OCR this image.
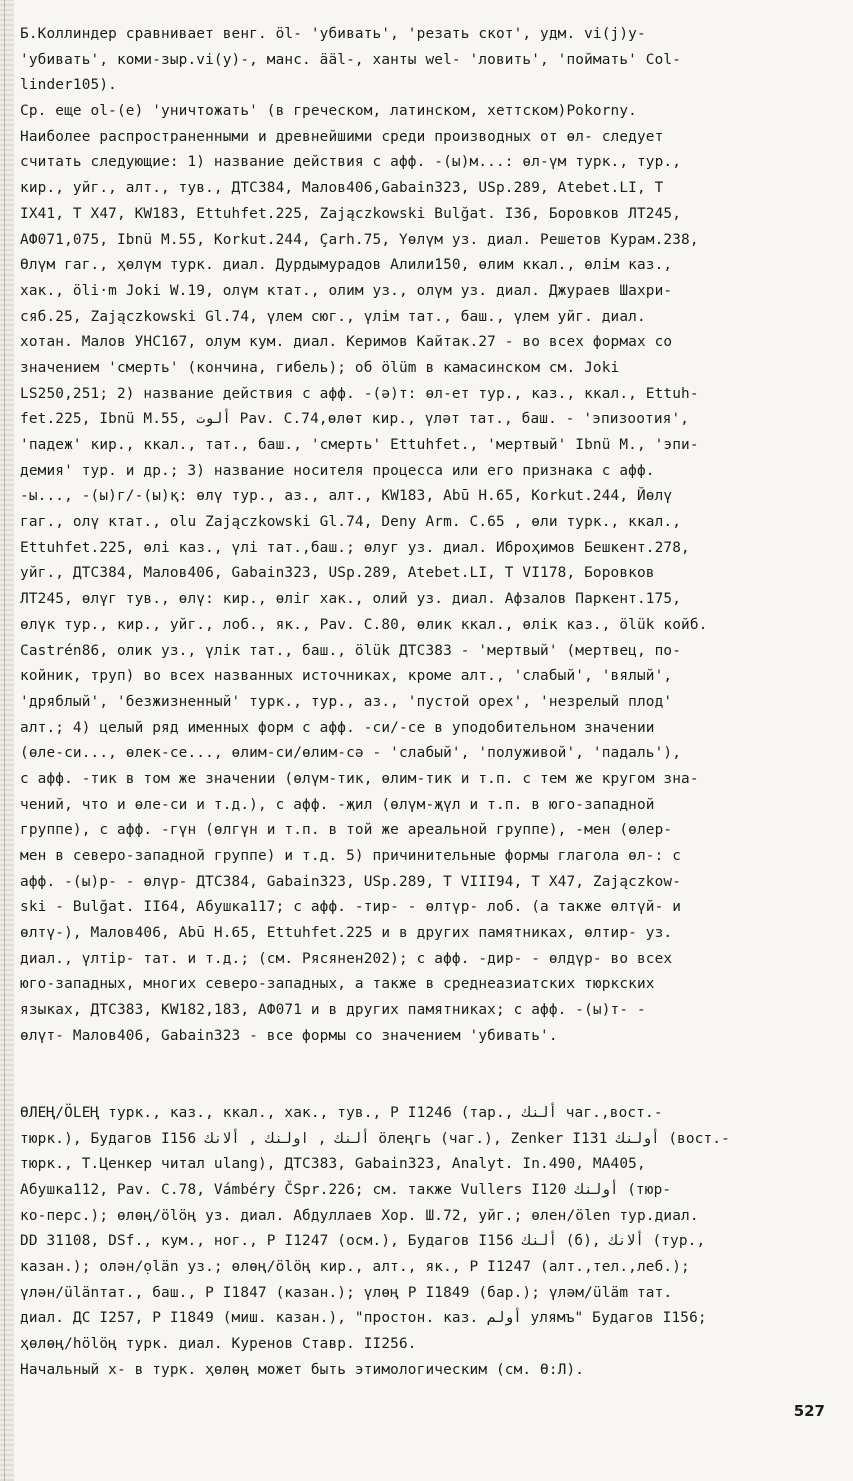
Б.Коллиндер сравнивает венг. öl- 'убивать', 'резать скот', удм. vi(j)y-
'убивать', коми-зыр.vi(y)-, манс. ääl-, ханты wel- 'ловить', 'поймать' Col-
linder105).
Ср. еще ol-(e) 'уничтожать' (в греческом, латинском, хеттском)Pokorny.
Наиболее распространенными и древнейшими среди производных от өл- следует
считать следующие: 1) название действия с афф. -(ы)м...: өл-үм турк., тур.,
кир., уйг., алт., тув., ДТС384, Малов406,Gabain323, USp.289, Atebet.LI, Т
IX41, Т X47, KW183, Ettuhfet.225, Zajączkowski Bulğat. I36, Боровков ЛТ245,
АФ071,075, Ibnü M.55, Korkut.244, Çarh.75, Yөлүм уз. диал. Решетов Курам.238,
Өлүм гаг., ҳөлүм турк. диал. Дурдымурадов Алили150, өлим ккал., өлім каз.,
хак., öli·m Joki W.19, олүм ктат., олим уз., олүм уз. диал. Джураев Шахри-
сяб.25, Zajączkowski Gl.74, үлем сюг., үлім тат., баш., үлем уйг. диал.
хотан. Малов УНС167, олум кум. диал. Керимов Кайтак.27 - во всех формах со
значением 'смерть' (кончина, гибель); об ölüm в камасинском см. Joki
LS250,251; 2) название действия с афф. -(ә)т: өл-ет тур., каз., ккал., Ettuh-
fet.225, Ibnü M.55, ألوت Pav. C.74,өлөт кир., үләт тат., баш. - 'эпизоотия',
'падеж' кир., ккал., тат., баш., 'смерть' Ettuhfet., 'мертвый' Ibnü M., 'эпи-
демия' тур. и др.; 3) название носителя процесса или его признака с афф.
-ы..., -(ы)г/-(ы)қ: өлү тур., аз., алт., KW183, Abū H.65, Korkut.244, Йөлү
гаг., олү ктат., olu Zajączkowski Gl.74, Deny Arm. C.65 , өли турк., ккал.,
Ettuhfet.225, өлі каз., үлі тат.,баш.; өлуг уз. диал. Иброҳимов Бешкент.278,
уйг., ДТС384, Малов406, Gabain323, USp.289, Atebet.LI, Т VI178, Боровков
ЛТ245, өлүг тув., өлү: кир., өліг хак., олий уз. диал. Афзалов Паркент.175,
өлүк тур., кир., уйг., лоб., як., Pav. C.80, өлик ккал., өлік каз., ölük койб.
Castrén86, олик уз., үлік тат., баш., ölük ДТС383 - 'мертвый' (мертвец, по-
койник, труп) во всех названных источниках, кроме алт., 'слабый', 'вялый',
'дряблый', 'безжизненный' турк., тур., аз., 'пустой орех', 'незрелый плод'
алт.; 4) целый ряд именных форм с афф. -си/-се в уподобительном значении
(өле-си..., өлек-се..., өлим-си/өлим-сә - 'слабый', 'полуживой', 'падаль'),
с афф. -тик в том же значении (өлүм-тик, өлим-тик и т.п. с тем же кругом зна-
чений, что и өле-си и т.д.), с афф. -җил (өлүм-җүл и т.п. в юго-западной
группе), с афф. -гүн (өлгүн и т.п. в той же ареальной группе), -мен (өлер-
мен в северо-западной группе) и т.д. 5) причинительные формы глагола өл-: с
афф. -(ы)р- - өлүр- ДТС384, Gabain323, USp.289, Т VIII94, Т X47, Zajączkow-
ski - Bulğat. II64, Абушка117; с афф. -тир- - өлтүр- лоб. (а также өлтүй- и
өлтү-), Малов406, Abū H.65, Ettuhfet.225 и в других памятниках, өлтир- уз.
диал., үлтір- тат. и т.д.; (см. Рясянен202); с афф. -дир- - өлдүр- во всех
юго-западных, многих северо-западных, а также в среднеазиатских тюркских
языках, ДТС383, KW182,183, АФ071 и в других памятниках; с афф. -(ы)т- -
өлүт- Малов406, Gabain323 - все формы со значением 'убивать'.
ӨЛЕҢ/ÖLEҢ турк., каз., ккал., хак., тув., Р I1246 (тар., ألنك чаг.,вост.-
тюрк.), Будагов I156 ألنك , اولنك , ألانك öлеңгь (чаг.), Zenker I131 أولنك (вост.-
тюрк., Т.Ценкер читал ulang), ДТС383, Gabain323, Analyt. In.490, MA405,
Абушка112, Pav. C.78, Vámbéry ČSpr.226; см. также Vullers I120 أولنك (тюр-
ко-перс.); өлөң/ölöң уз. диал. Абдуллаев Хор. Ш.72, уйг.; өлен/ölen тур.диал.
DD 31108, DSf., кум., ног., Р I1247 (осм.), Будагов I156 ألنك (б), ألانك (тур.,
казан.); олән/ọlän уз.; өлөң/ölöң кир., алт., як., Р I1247 (алт.,тел.,леб.);
үлән/ülänтат., баш., Р I1847 (казан.); үлөң Р I1849 (бар.); үләм/üläm тат.
диал. ДС I257, Р I1849 (миш. казан.), "простон. каз. أولم улямъ" Будагов I156;
ҳөлөң/hölöң турк. диал. Куренов Ставр. II256.
Начальный х- в турк. ҳөлөң может быть этимологическим (см. Ө:Л).
527
